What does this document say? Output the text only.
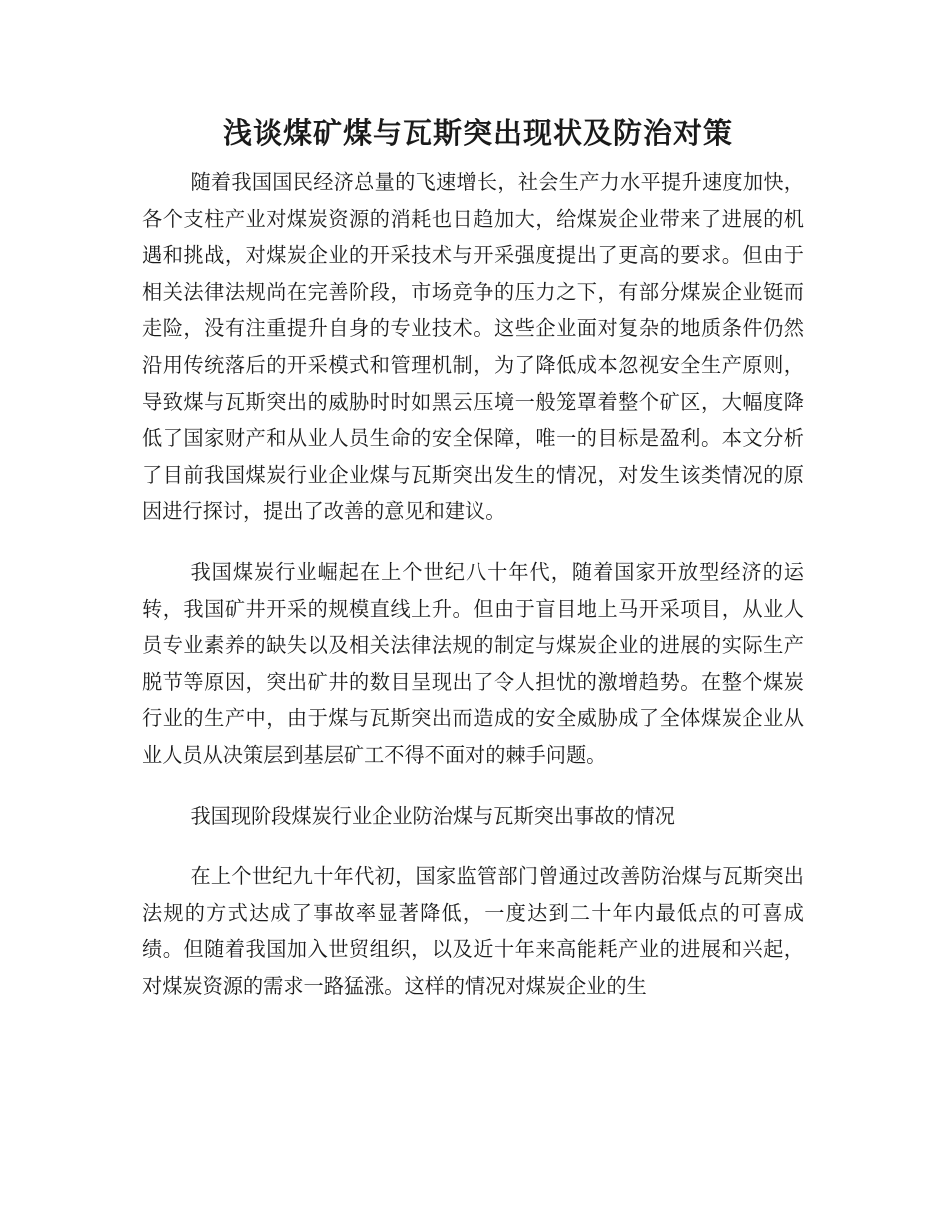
浅谈煤矿煤与瓦斯突出现状及防治对策

随着我国国民经济总量的飞速增长，社会生产力水平提升速度加快，各个支柱产业对煤炭资源的消耗也日趋加大，给煤炭企业带来了进展的机遇和挑战，对煤炭企业的开采技术与开采强度提出了更高的要求。但由于相关法律法规尚在完善阶段，市场竞争的压力之下，有部分煤炭企业铤而走险，没有注重提升自身的专业技术。这些企业面对复杂的地质条件仍然沿用传统落后的开采模式和管理机制，为了降低成本忽视安全生产原则，导致煤与瓦斯突出的威胁时时如黑云压境一般笼罩着整个矿区，大幅度降低了国家财产和从业人员生命的安全保障，唯一的目标是盈利。本文分析了目前我国煤炭行业企业煤与瓦斯突出发生的情况，对发生该类情况的原因进行探讨，提出了改善的意见和建议。

我国煤炭行业崛起在上个世纪八十年代，随着国家开放型经济的运转，我国矿井开采的规模直线上升。但由于盲目地上马开采项目，从业人员专业素养的缺失以及相关法律法规的制定与煤炭企业的进展的实际生产脱节等原因，突出矿井的数目呈现出了令人担忧的激增趋势。在整个煤炭行业的生产中，由于煤与瓦斯突出而造成的安全威胁成了全体煤炭企业从业人员从决策层到基层矿工不得不面对的棘手问题。

我国现阶段煤炭行业企业防治煤与瓦斯突出事故的情况

在上个世纪九十年代初，国家监管部门曾通过改善防治煤与瓦斯突出法规的方式达成了事故率显著降低，一度达到二十年内最低点的可喜成绩。但随着我国加入世贸组织，以及近十年来高能耗产业的进展和兴起，对煤炭资源的需求一路猛涨。这样的情况对煤炭企业的生
